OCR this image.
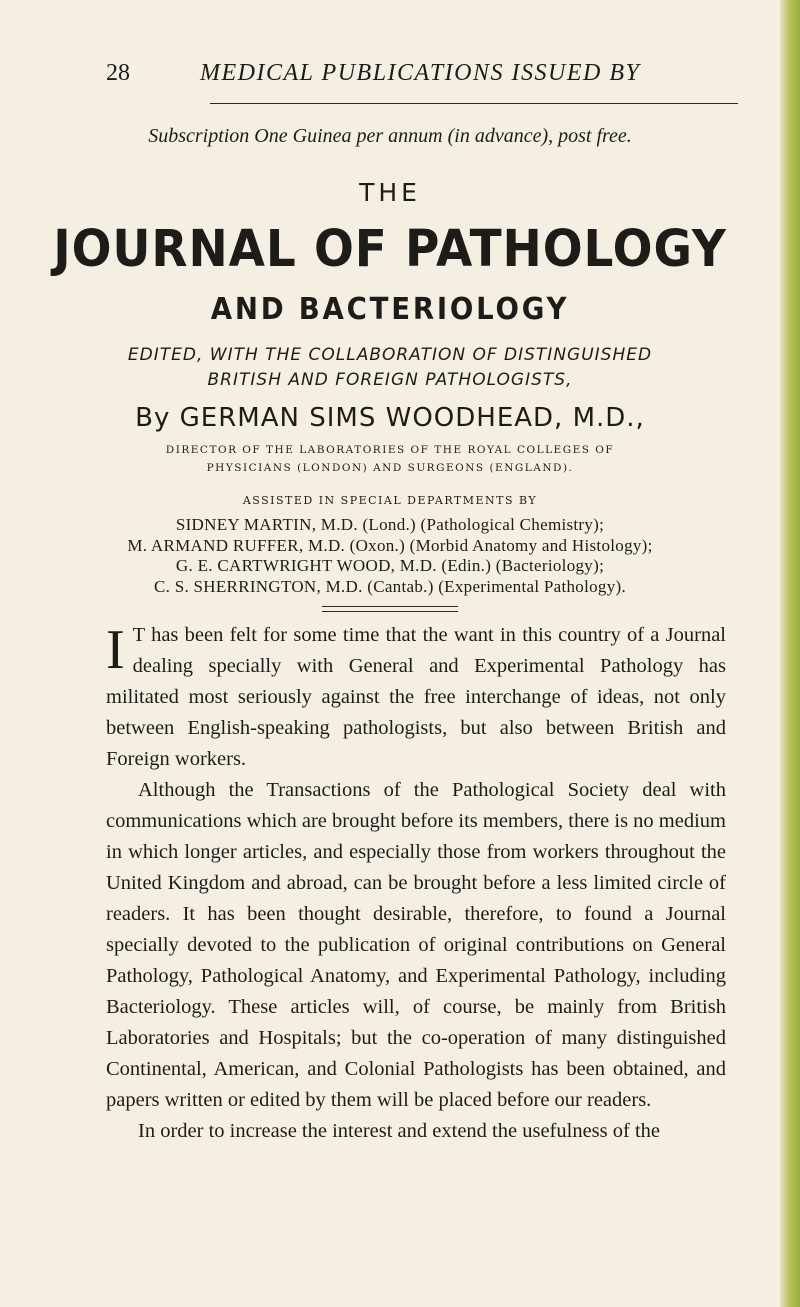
28	MEDICAL PUBLICATIONS ISSUED BY
Subscription One Guinea per annum (in advance), post free.
THE
JOURNAL OF PATHOLOGY
AND BACTERIOLOGY
EDITED, WITH THE COLLABORATION OF DISTINGUISHED
BRITISH AND FOREIGN PATHOLOGISTS,
By GERMAN SIMS WOODHEAD, M.D.,
DIRECTOR OF THE LABORATORIES OF THE ROYAL COLLEGES OF
PHYSICIANS (LONDON) AND SURGEONS (ENGLAND).
ASSISTED IN SPECIAL DEPARTMENTS BY
SIDNEY MARTIN, M.D. (Lond.) (Pathological Chemistry);
M. ARMAND RUFFER, M.D. (Oxon.) (Morbid Anatomy and Histology);
G. E. CARTWRIGHT WOOD, M.D. (Edin.) (Bacteriology);
C. S. SHERRINGTON, M.D. (Cantab.) (Experimental Pathology).

I T has been felt for some time that the want in this country of a Journal dealing specially with General and Experimental Pathology has militated most seriously against the free interchange of ideas, not only between English-speaking pathologists, but also between British and Foreign workers.

Although the Transactions of the Pathological Society deal with communications which are brought before its members, there is no medium in which longer articles, and especially those from workers throughout the United Kingdom and abroad, can be brought before a less limited circle of readers. It has been thought desirable, therefore, to found a Journal specially devoted to the publication of original contributions on General Pathology, Pathological Anatomy, and Experimental Pathology, including Bacteriology. These articles will, of course, be mainly from British Laboratories and Hospitals; but the co-operation of many distinguished Continental, American, and Colonial Pathologists has been obtained, and papers written or edited by them will be placed before our readers.

In order to increase the interest and extend the usefulness of the
